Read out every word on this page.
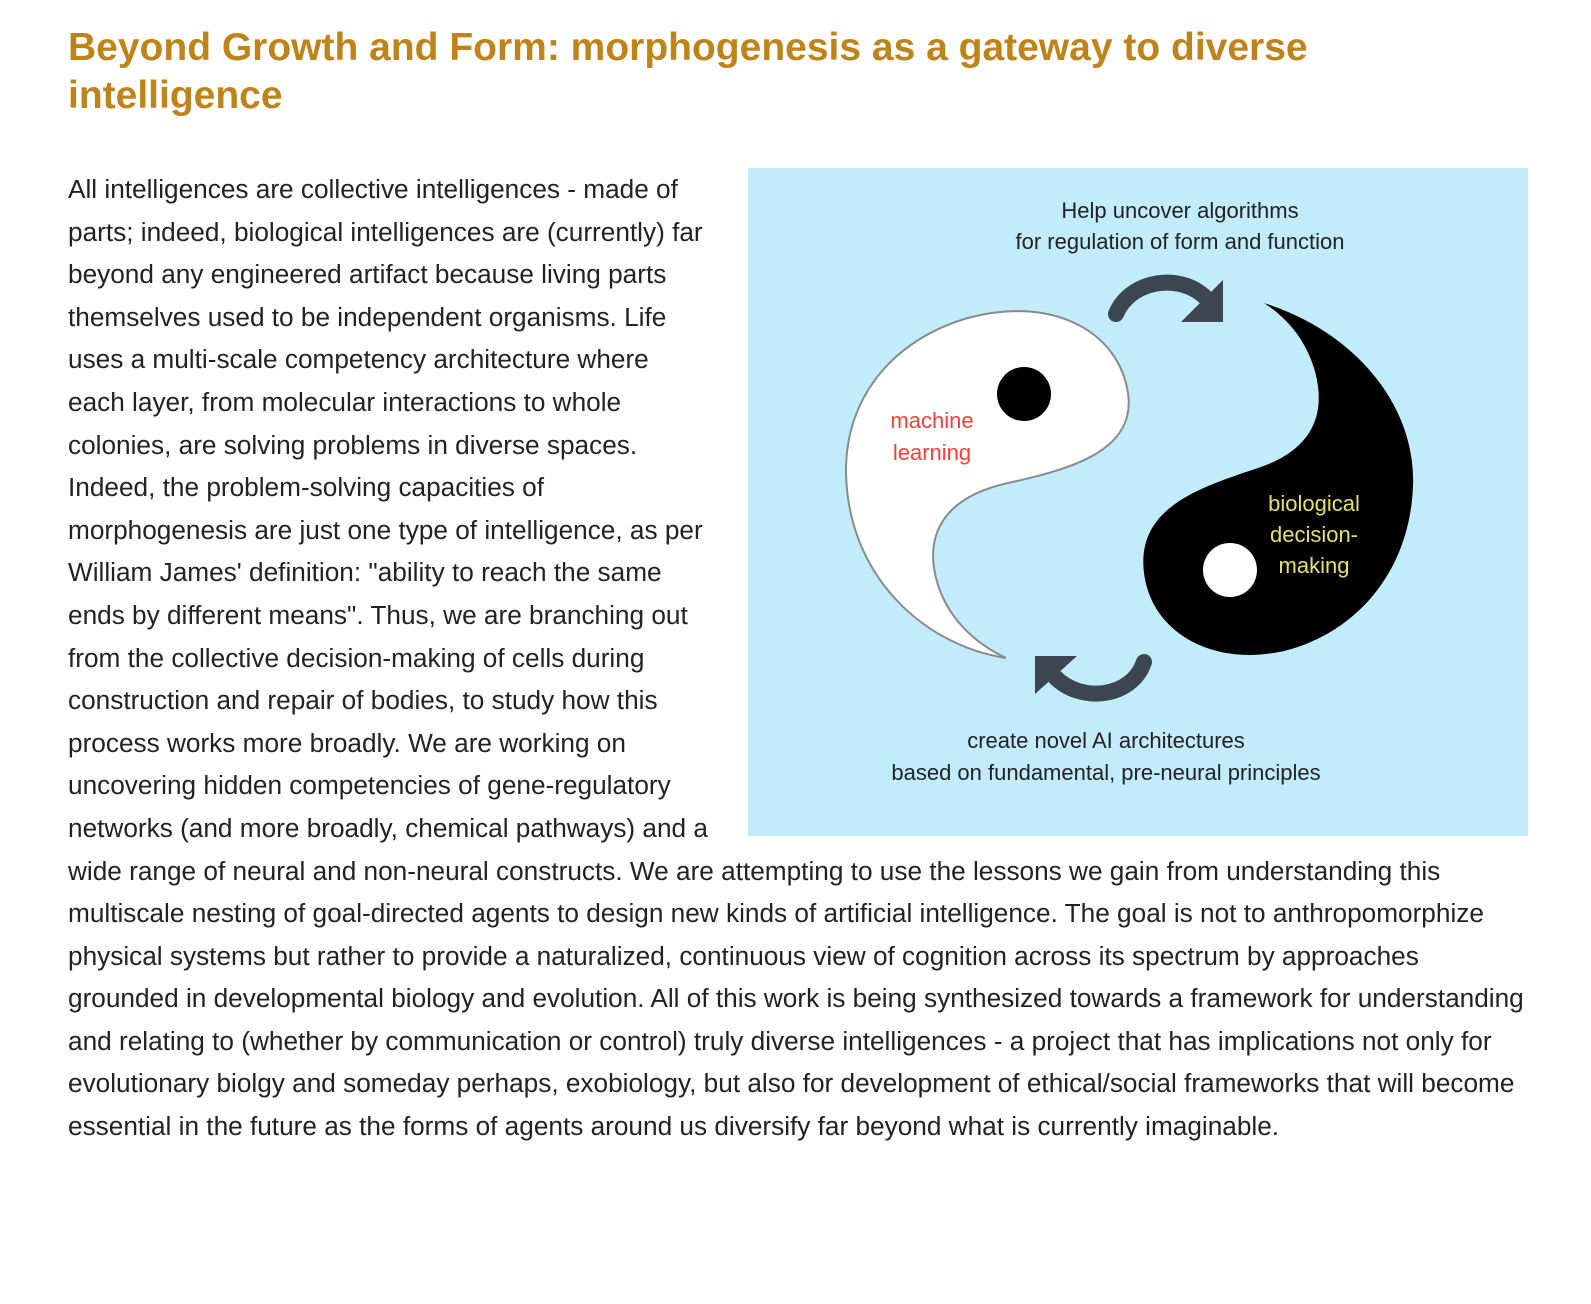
Beyond Growth and Form: morphogenesis as a gateway to diverse intelligence
Help uncover algorithms
for regulation of form and function
machine
learning
biological
decision-
making
create novel AI architectures
based on fundamental, pre-neural principles

All intelligences are collective intelligences - made of parts; indeed, biological intelligences are (currently) far beyond any engineered artifact because living parts themselves used to be independent organisms. Life uses a multi-scale competency architecture where each layer, from molecular interactions to whole colonies, are solving problems in diverse spaces. Indeed, the problem-solving capacities of morphogenesis are just one type of intelligence, as per William James' definition: "ability to reach the same ends by different means". Thus, we are branching out from the collective decision-making of cells during construction and repair of bodies, to study how this process works more broadly. We are working on uncovering hidden competencies of gene-regulatory networks (and more broadly, chemical pathways) and a wide range of neural and non-neural constructs. We are attempting to use the lessons we gain from understanding this multiscale nesting of goal-directed agents to design new kinds of artificial intelligence. The goal is not to anthropomorphize physical systems but rather to provide a naturalized, continuous view of cognition across its spectrum by approaches grounded in developmental biology and evolution. All of this work is being synthesized towards a framework for understanding and relating to (whether by communication or control) truly diverse intelligences - a project that has implications not only for evolutionary biolgy and someday perhaps, exobiology, but also for development of ethical/social frameworks that will become essential in the future as the forms of agents around us diversify far beyond what is currently imaginable.
